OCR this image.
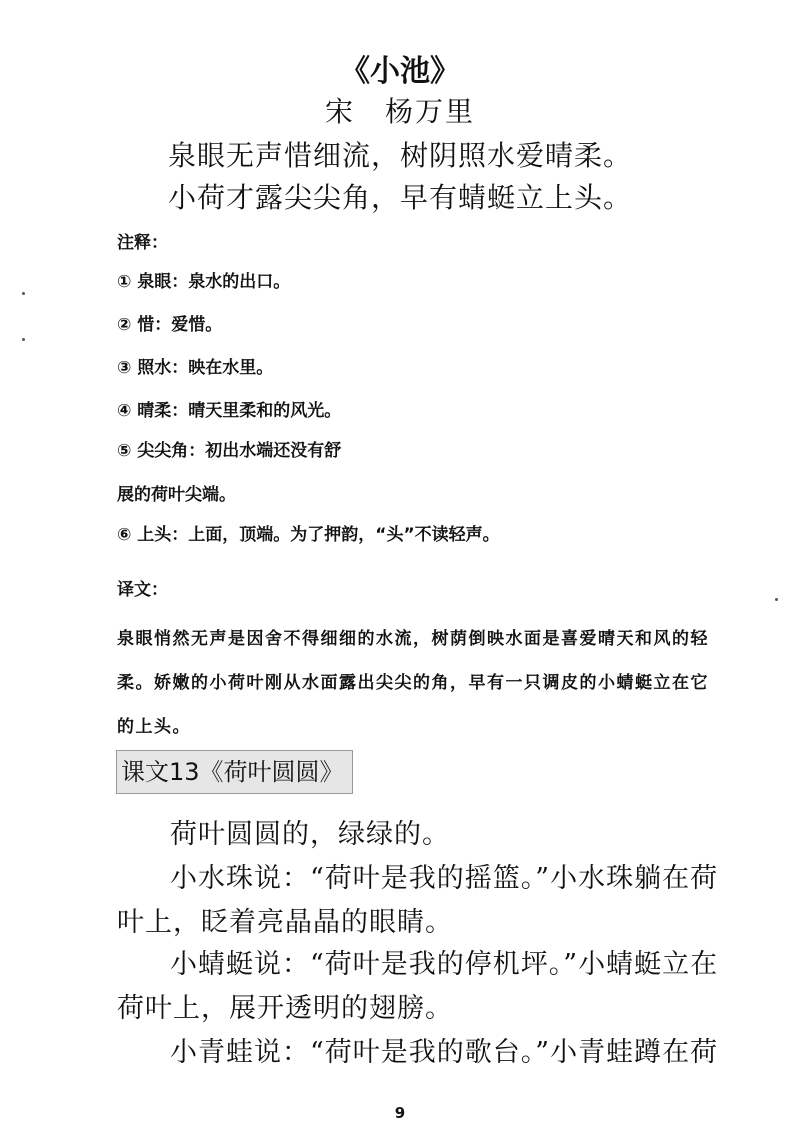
《小池》
宋　杨万里
泉眼无声惜细流，树阴照水爱晴柔。
小荷才露尖尖角，早有蜻蜓立上头。
注释：
① 泉眼：泉水的出口。
② 惜：爱惜。
③ 照水：映在水里。
④ 晴柔：晴天里柔和的风光。
⑤ 尖尖角：初出水端还没有舒
展的荷叶尖端。
⑥ 上头：上面，顶端。为了押韵，“头”不读轻声。
译文：
泉眼悄然无声是因舍不得细细的水流，树荫倒映水面是喜爱晴天和风的轻
柔。娇嫩的小荷叶刚从水面露出尖尖的角，早有一只调皮的小蜻蜓立在它
的上头。
课文13《荷叶圆圆》
荷叶圆圆的，绿绿的。
小水珠说：“荷叶是我的摇篮。”小水珠躺在荷
叶上，眨着亮晶晶的眼睛。
小蜻蜓说：“荷叶是我的停机坪。”小蜻蜓立在
荷叶上，展开透明的翅膀。
小青蛙说：“荷叶是我的歌台。”小青蛙蹲在荷
9
